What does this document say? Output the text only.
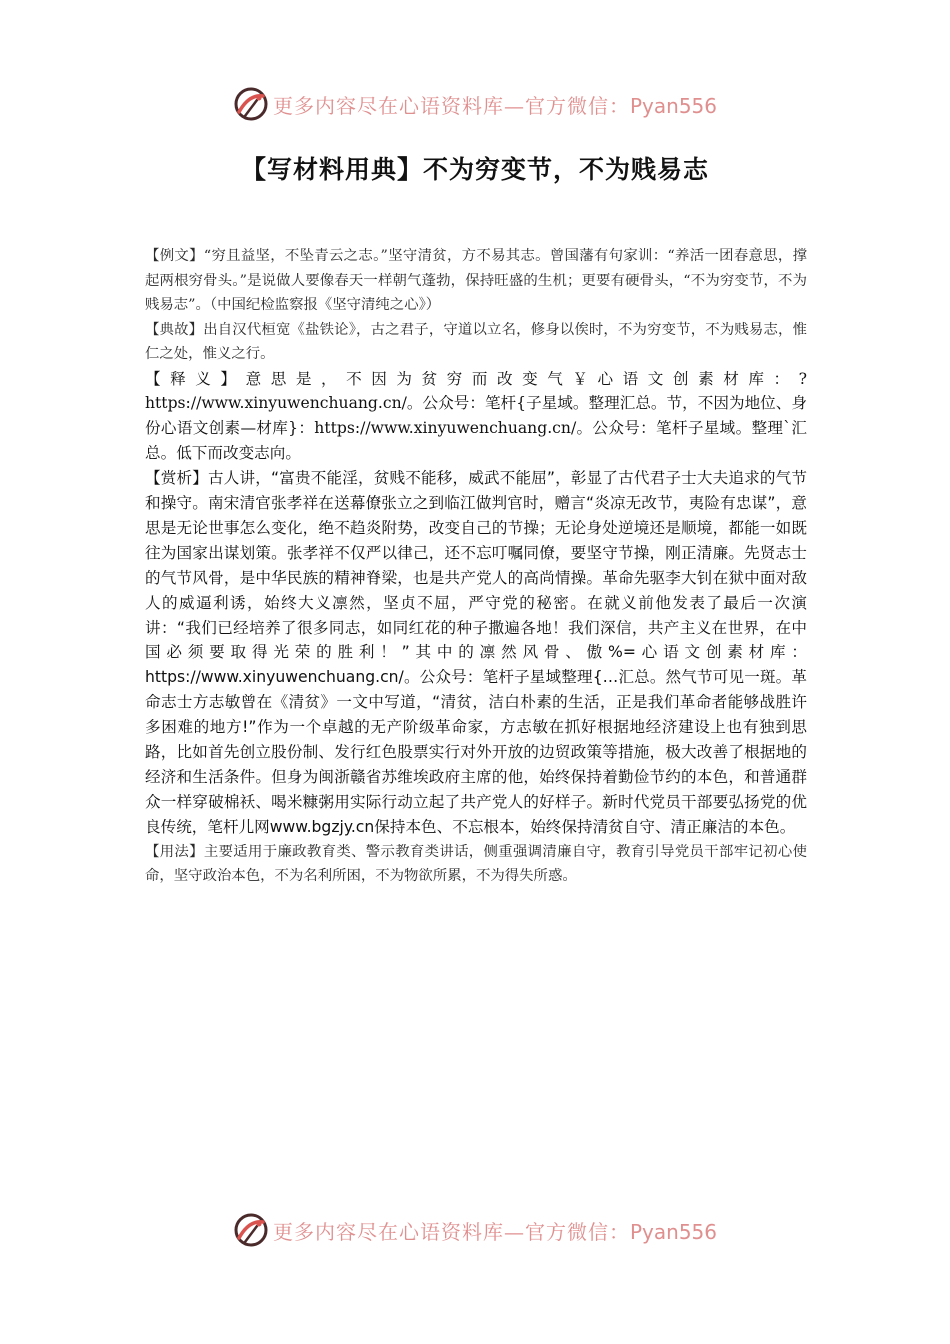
更多内容尽在心语资料库—官方微信：Pyan556
【写材料用典】不为穷变节，不为贱易志

【例文】“穷且益坚，不坠青云之志。”坚守清贫，方不易其志。曾国藩有句家训：“养活一团春意思，撑起两根穷骨头。”是说做人要像春天一样朝气蓬勃，保持旺盛的生机；更要有硬骨头，“不为穷变节，不为贱易志”。（中国纪检监察报《坚守清纯之心》）

【典故】出自汉代桓宽《盐铁论》，古之君子，守道以立名，修身以俟时，不为穷变节，不为贱易志，惟仁之处，惟义之行。

【释义】意思是，不因为贫穷而改变气￥心语文创素材库：?https://www.xinyuwenchuang.cn/。公众号：笔杆{子星域。整理汇总。节，不因为地位、身份心语文创素—材库}：https://www.xinyuwenchuang.cn/。公众号：笔杆子星域。整理`汇总。低下而改变志向。

【赏析】古人讲，“富贵不能淫，贫贱不能移，威武不能屈”，彰显了古代君子士大夫追求的气节和操守。南宋清官张孝祥在送幕僚张立之到临江做判官时，赠言“炎凉无改节，夷险有忠谋”，意思是无论世事怎么变化，绝不趋炎附势，改变自己的节操；无论身处逆境还是顺境，都能一如既往为国家出谋划策。张孝祥不仅严以律己，还不忘叮嘱同僚，要坚守节操，刚正清廉。先贤志士的气节风骨，是中华民族的精神脊梁，也是共产党人的高尚情操。革命先驱李大钊在狱中面对敌人的威逼利诱，始终大义凛然，坚贞不屈，严守党的秘密。在就义前他发表了最后一次演讲：“我们已经培养了很多同志，如同红花的种子撒遍各地！我们深信，共产主义在世界，在中国必须要取得光荣的胜利！”其中的凛然风骨、傲%=心语文创素材库：https://www.xinyuwenchuang.cn/。公众号：笔杆子星域整理{…汇总。然气节可见一斑。革命志士方志敏曾在《清贫》一文中写道，“清贫，洁白朴素的生活，正是我们革命者能够战胜许多困难的地方!”作为一个卓越的无产阶级革命家，方志敏在抓好根据地经济建设上也有独到思路，比如首先创立股份制、发行红色股票实行对外开放的边贸政策等措施，极大改善了根据地的经济和生活条件。但身为闽浙赣省苏维埃政府主席的他，始终保持着勤俭节约的本色，和普通群众一样穿破棉袄、喝米糠粥用实际行动立起了共产党人的好样子。新时代党员干部要弘扬党的优良传统，笔杆儿网www.bgzjy.cn保持本色、不忘根本，始终保持清贫自守、清正廉洁的本色。

【用法】主要适用于廉政教育类、警示教育类讲话，侧重强调清廉自守，教育引导党员干部牢记初心使命，坚守政治本色，不为名利所困，不为物欲所累，不为得失所惑。

更多内容尽在心语资料库—官方微信：Pyan556
